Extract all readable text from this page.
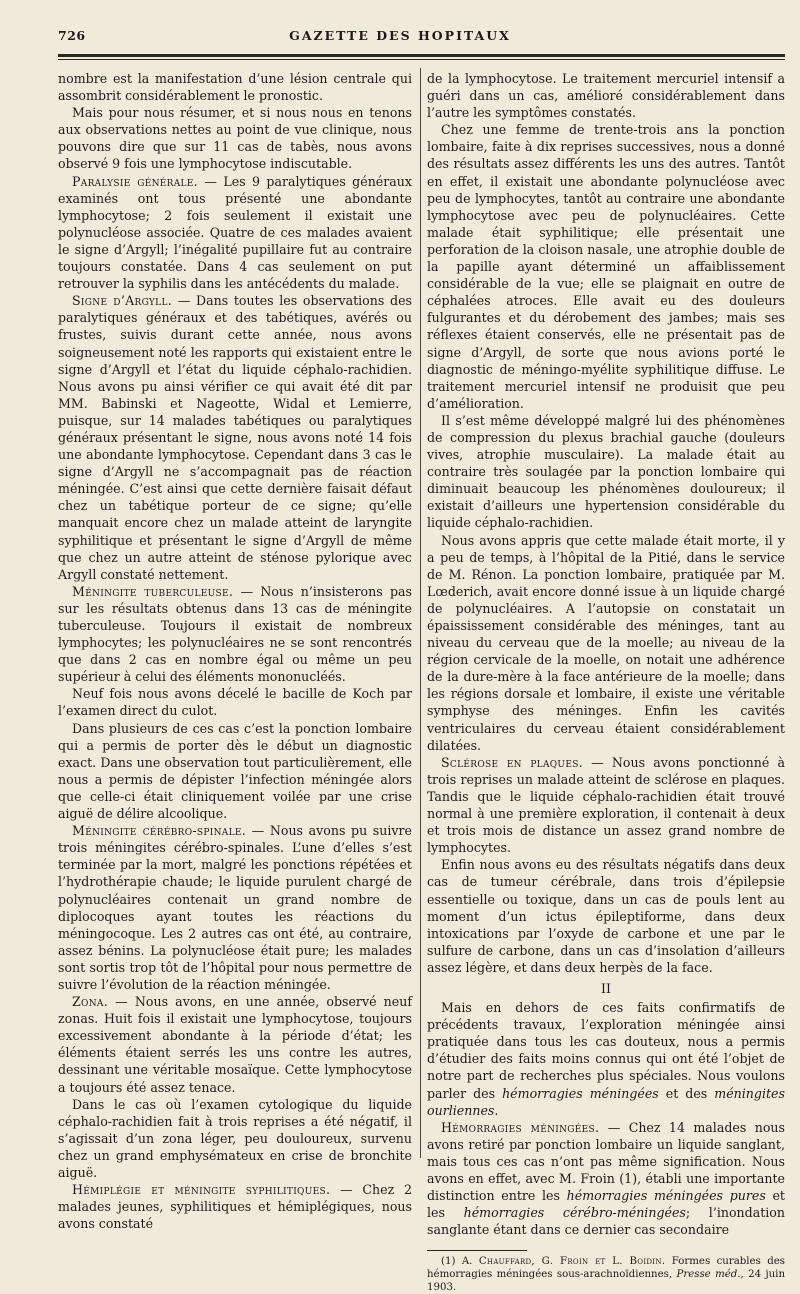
726	GAZETTE DES HOPITAUX

nombre est la manifestation d’une lésion centrale qui assombrit considérablement le pronostic.

Mais pour nous résumer, et si nous nous en tenons aux observations nettes au point de vue clinique, nous pouvons dire que sur 11 cas de tabès, nous avons observé 9 fois une lymphocytose indiscutable.

Paralysie générale. — Les 9 paralytiques généraux examinés ont tous présenté une abondante lymphocytose; 2 fois seulement il existait une polynucléose associée. Quatre de ces malades avaient le signe d’Argyll; l’inégalité pupillaire fut au contraire toujours constatée. Dans 4 cas seulement on put retrouver la syphilis dans les antécédents du malade.

Signe d’Argyll. — Dans toutes les observations des paralytiques généraux et des tabétiques, avérés ou frustes, suivis durant cette année, nous avons soigneusement noté les rapports qui existaient entre le signe d’Argyll et l’état du liquide céphalo-rachidien. Nous avons pu ainsi vérifier ce qui avait été dit par MM. Babinski et Nageotte, Widal et Lemierre, puisque, sur 14 malades tabétiques ou paralytiques généraux présentant le signe, nous avons noté 14 fois une abondante lymphocytose. Cependant dans 3 cas le signe d’Argyll ne s’accompagnait pas de réaction méningée. C’est ainsi que cette dernière faisait défaut chez un tabétique porteur de ce signe; qu’elle manquait encore chez un malade atteint de laryngite syphilitique et présentant le signe d’Argyll de même que chez un autre atteint de sténose pylorique avec Argyll constaté nettement.

Méningite tuberculeuse. — Nous n’insisterons pas sur les résultats obtenus dans 13 cas de méningite tuberculeuse. Toujours il existait de nombreux lymphocytes; les polynucléaires ne se sont rencontrés que dans 2 cas en nombre égal ou même un peu supérieur à celui des éléments mononucléés.

Neuf fois nous avons décelé le bacille de Koch par l’examen direct du culot.

Dans plusieurs de ces cas c’est la ponction lombaire qui a permis de porter dès le début un diagnostic exact. Dans une observation tout particulièrement, elle nous a permis de dépister l’infection méningée alors que celle-ci était cliniquement voilée par une crise aiguë de délire alcoolique.

Méningite cérébro-spinale. — Nous avons pu suivre trois méningites cérébro-spinales. L’une d’elles s’est terminée par la mort, malgré les ponctions répétées et l’hydrothérapie chaude; le liquide purulent chargé de polynucléaires contenait un grand nombre de diplocoques ayant toutes les réactions du méningocoque. Les 2 autres cas ont été, au contraire, assez bénins. La polynucléose était pure; les malades sont sortis trop tôt de l’hôpital pour nous permettre de suivre l’évolution de la réaction méningée.

Zona. — Nous avons, en une année, observé neuf zonas. Huit fois il existait une lymphocytose, toujours excessivement abondante à la période d’état; les éléments étaient serrés les uns contre les autres, dessinant une véritable mosaïque. Cette lymphocytose a toujours été assez tenace.

Dans le cas où l’examen cytologique du liquide céphalo-rachidien fait à trois reprises a été négatif, il s’agissait d’un zona léger, peu douloureux, survenu chez un grand emphysémateux en crise de bronchite aiguë.

Hémiplégie et méningite syphilitiques. — Chez 2 malades jeunes, syphilitiques et hémiplégiques, nous avons constaté

de la lymphocytose. Le traitement mercuriel intensif a guéri dans un cas, amélioré considérablement dans l’autre les symptômes constatés.

Chez une femme de trente-trois ans la ponction lombaire, faite à dix reprises successives, nous a donné des résultats assez différents les uns des autres. Tantôt en effet, il existait une abondante polynucléose avec peu de lymphocytes, tantôt au contraire une abondante lymphocytose avec peu de polynucléaires. Cette malade était syphilitique; elle présentait une perforation de la cloison nasale, une atrophie double de la papille ayant déterminé un affaiblissement considérable de la vue; elle se plaignait en outre de céphalées atroces. Elle avait eu des douleurs fulgurantes et du dérobement des jambes; mais ses réflexes étaient conservés, elle ne présentait pas de signe d’Argyll, de sorte que nous avions porté le diagnostic de méningo-myélite syphilitique diffuse. Le traitement mercuriel intensif ne produisit que peu d’amélioration.

Il s’est même développé malgré lui des phénomènes de compression du plexus brachial gauche (douleurs vives, atrophie musculaire). La malade était au contraire très soulagée par la ponction lombaire qui diminuait beaucoup les phénomènes douloureux; il existait d’ailleurs une hypertension considérable du liquide céphalo-rachidien.

Nous avons appris que cette malade était morte, il y a peu de temps, à l’hôpital de la Pitié, dans le service de M. Rénon. La ponction lombaire, pratiquée par M. Lœderich, avait encore donné issue à un liquide chargé de polynucléaires. A l’autopsie on constatait un épaississement considérable des méninges, tant au niveau du cerveau que de la moelle; au niveau de la région cervicale de la moelle, on notait une adhérence de la dure-mère à la face antérieure de la moelle; dans les régions dorsale et lombaire, il existe une véritable symphyse des méninges. Enfin les cavités ventriculaires du cerveau étaient considérablement dilatées.

Sclérose en plaques. — Nous avons ponctionné à trois reprises un malade atteint de sclérose en plaques. Tandis que le liquide céphalo-rachidien était trouvé normal à une première exploration, il contenait à deux et trois mois de distance un assez grand nombre de lymphocytes.

Enfin nous avons eu des résultats négatifs dans deux cas de tumeur cérébrale, dans trois d’épilepsie essentielle ou toxique, dans un cas de pouls lent au moment d’un ictus épileptiforme, dans deux intoxications par l’oxyde de carbone et une par le sulfure de carbone, dans un cas d’insolation d’ailleurs assez légère, et dans deux herpès de la face.

II

Mais en dehors de ces faits confirmatifs de précédents travaux, l’exploration méningée ainsi pratiquée dans tous les cas douteux, nous a permis d’étudier des faits moins connus qui ont été l’objet de notre part de recherches plus spéciales. Nous voulons parler des hémorragies méningées et des méningites ourliennes.

Hémorragies méningées. — Chez 14 malades nous avons retiré par ponction lombaire un liquide sanglant, mais tous ces cas n’ont pas même signification. Nous avons en effet, avec M. Froin (1), établi une importante distinction entre les hémorragies méningées pures et les hémorragies cérébro-méningées; l’inondation sanglante étant dans ce dernier cas secondaire

(1) A. Chauffard, G. Froin et L. Boidin. Formes curables des hémorragies méningées sous-arachnoïdiennes, Presse méd., 24 juin 1903.
